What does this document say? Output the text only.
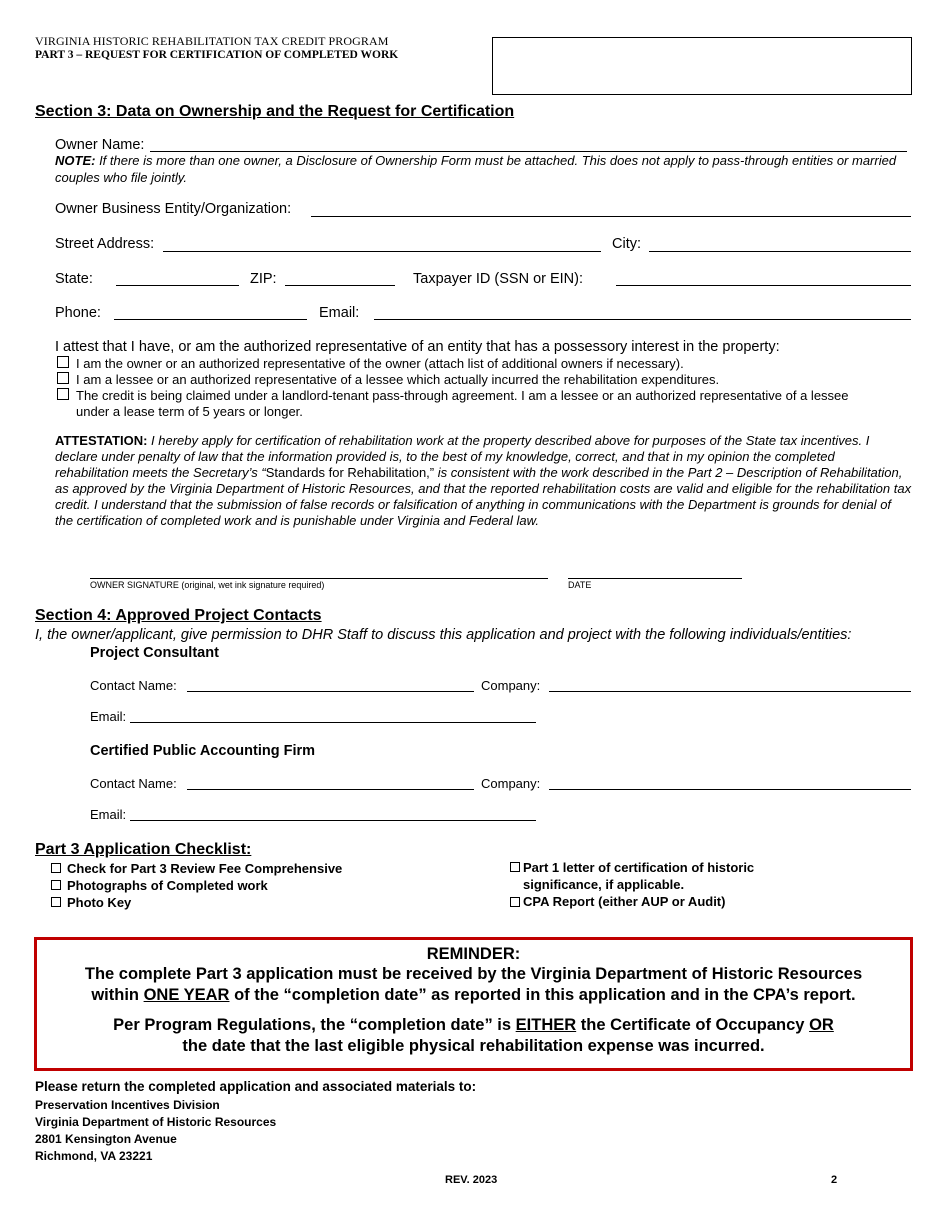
VIRGINIA HISTORIC REHABILITATION TAX CREDIT PROGRAM
PART 3 – REQUEST FOR CERTIFICATION OF COMPLETED WORK
Section 3: Data on Ownership and the Request for Certification
Owner Name:
NOTE: If there is more than one owner, a Disclosure of Ownership Form must be attached. This does not apply to pass-through entities or married couples who file jointly.
Owner Business Entity/Organization:
Street Address:	City:
State:	ZIP:	Taxpayer ID (SSN or EIN):
Phone:	Email:
I attest that I have, or am the authorized representative of an entity that has a possessory interest in the property:
I am the owner or an authorized representative of the owner (attach list of additional owners if necessary).
I am a lessee or an authorized representative of a lessee which actually incurred the rehabilitation expenditures.
The credit is being claimed under a landlord-tenant pass-through agreement. I am a lessee or an authorized representative of a lessee under a lease term of 5 years or longer.
ATTESTATION: I hereby apply for certification of rehabilitation work at the property described above for purposes of the State tax incentives. I declare under penalty of law that the information provided is, to the best of my knowledge, correct, and that in my opinion the completed rehabilitation meets the Secretary’s “Standards for Rehabilitation,” is consistent with the work described in the Part 2 – Description of Rehabilitation, as approved by the Virginia Department of Historic Resources, and that the reported rehabilitation costs are valid and eligible for the rehabilitation tax credit. I understand that the submission of false records or falsification of anything in communications with the Department is grounds for denial of the certification of completed work and is punishable under Virginia and Federal law.
OWNER SIGNATURE (original, wet ink signature required)	DATE
Section 4: Approved Project Contacts
I, the owner/applicant, give permission to DHR Staff to discuss this application and project with the following individuals/entities:
Project Consultant
Contact Name:	Company:
Email:
Certified Public Accounting Firm
Contact Name:	Company:
Email:
Part 3 Application Checklist:
Check for Part 3 Review Fee Comprehensive
Photographs of Completed work
Photo Key
Part 1 letter of certification of historic
significance, if applicable.
CPA Report (either AUP or Audit)
REMINDER:
The complete Part 3 application must be received by the Virginia Department of Historic Resources
within ONE YEAR of the “completion date” as reported in this application and in the CPA’s report.
Per Program Regulations, the “completion date” is EITHER the Certificate of Occupancy OR
the date that the last eligible physical rehabilitation expense was incurred.
Please return the completed application and associated materials to:
Preservation Incentives Division
Virginia Department of Historic Resources
2801 Kensington Avenue
Richmond, VA 23221
REV. 2023	2
